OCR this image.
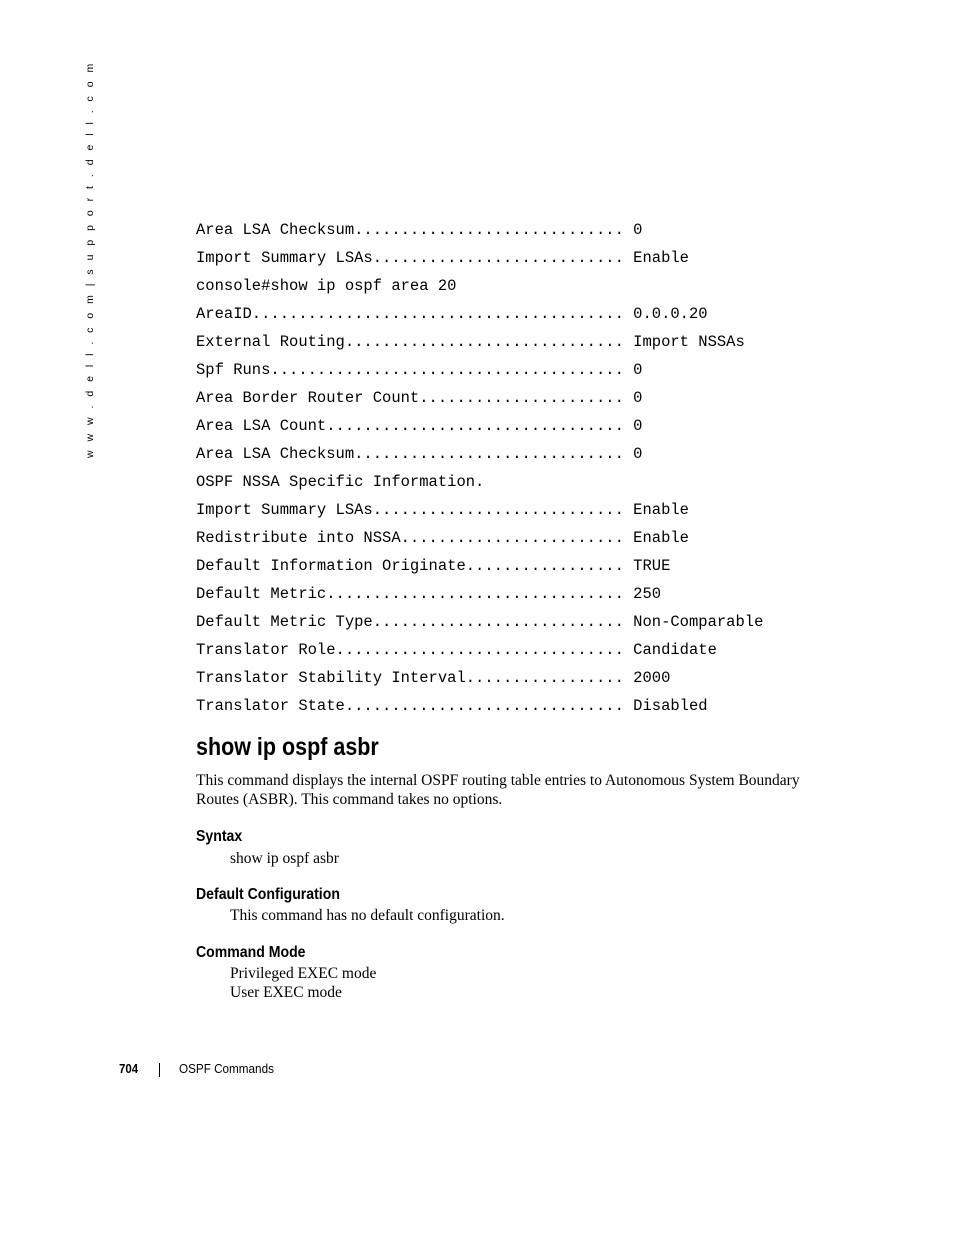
w w w . d e l l . c o m | s u p p o r t . d e l l . c o m	Area LSA Checksum............................. 0
Import Summary LSAs........................... Enable
console#show ip ospf area 20
AreaID........................................ 0.0.0.20
External Routing.............................. Import NSSAs
Spf Runs...................................... 0
Area Border Router Count...................... 0
Area LSA Count................................ 0
Area LSA Checksum............................. 0
OSPF NSSA Specific Information.
Import Summary LSAs........................... Enable
Redistribute into NSSA........................ Enable
Default Information Originate................. TRUE
Default Metric................................ 250
Default Metric Type........................... Non-Comparable
Translator Role............................... Candidate
Translator Stability Interval................. 2000
Translator State.............................. Disabled
show ip ospf asbr
This command displays the internal OSPF routing table entries to Autonomous System Boundary Routes (ASBR). This command takes no options.
Syntax
show ip ospf asbr
Default Configuration
This command has no default configuration.
Command Mode
Privileged EXEC mode
User EXEC mode
704	OSPF Commands
